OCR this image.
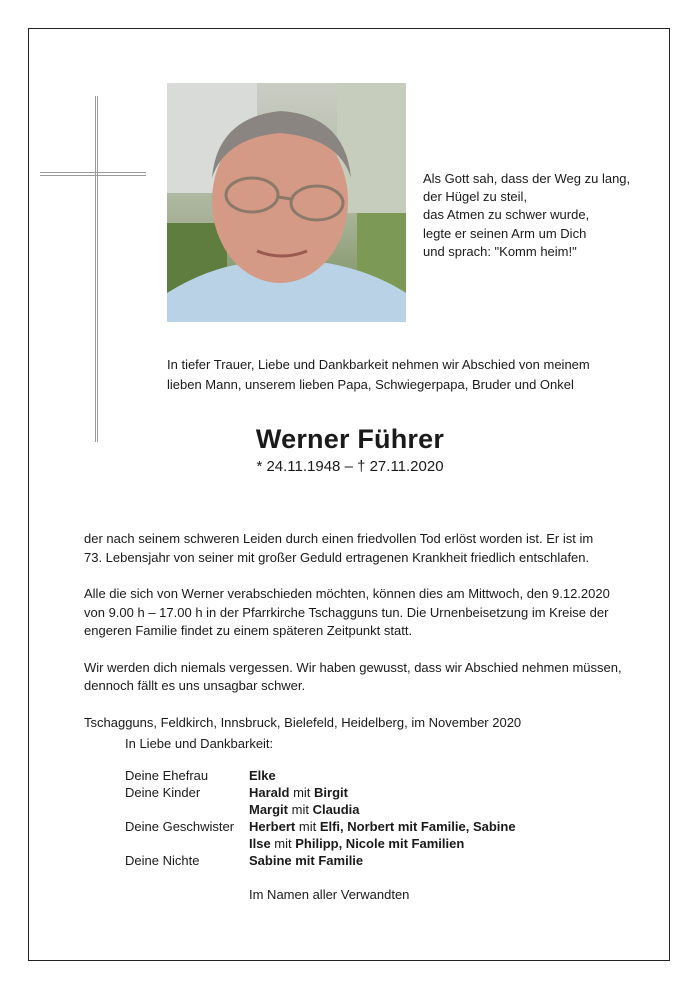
Als Gott sah, dass der Weg zu lang,
der Hügel zu steil,
das Atmen zu schwer wurde,
legte er seinen Arm um Dich
und sprach: "Komm heim!"
In tiefer Trauer, Liebe und Dankbarkeit nehmen wir Abschied von meinem
lieben Mann, unserem lieben Papa, Schwiegerpapa, Bruder und Onkel
Werner Führer
* 24.11.1948 – † 27.11.2020

der nach seinem schweren Leiden durch einen friedvollen Tod erlöst worden ist. Er ist im
73. Lebensjahr von seiner mit großer Geduld ertragenen Krankheit friedlich entschlafen.

Alle die sich von Werner verabschieden möchten, können dies am Mittwoch, den 9.12.2020
von 9.00 h – 17.00 h in der Pfarrkirche Tschagguns tun. Die Urnenbeisetzung im Kreise der
engeren Familie findet zu einem späteren Zeitpunkt statt.

Wir werden dich niemals vergessen. Wir haben gewusst, dass wir Abschied nehmen müssen,
dennoch fällt es uns unsagbar schwer.

Tschagguns, Feldkirch, Innsbruck, Bielefeld, Heidelberg, im November 2020

In Liebe und Dankbarkeit:
Deine Ehefrau	Elke
Deine Kinder	Harald mit Birgit
Margit mit Claudia
Deine Geschwister Herbert mit Elfi, Norbert mit Familie, Sabine
Ilse mit Philipp, Nicole mit Familien
Deine Nichte	Sabine mit Familie
Im Namen aller Verwandten
